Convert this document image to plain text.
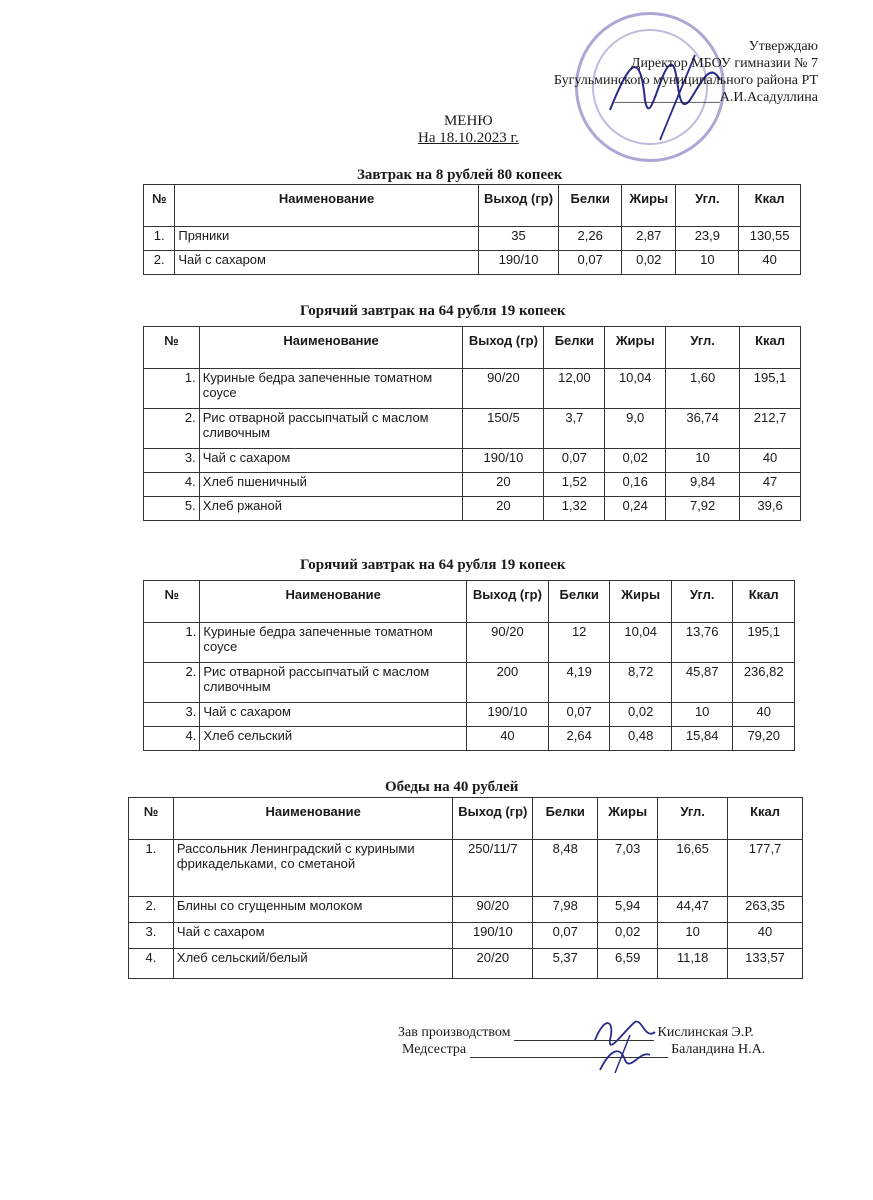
Утверждаю
Директор МБОУ гимназии № 7
Бугульминского муниципального района РТ
_______________А.И.Асадуллина
МЕНЮ
На 18.10.2023 г.
Завтрак на 8 рублей 80 копеек
№	Наименование	Выход (гр)	Белки	Жиры	Угл.	Ккал
1.	Пряники	35	2,26	2,87	23,9	130,55
2.	Чай с сахаром	190/10	0,07	0,02	10	40
Горячий завтрак на 64 рубля 19 копеек
№	Наименование	Выход (гр)	Белки	Жиры	Угл.	Ккал
1.	Куриные бедра запеченные томатном соусе	90/20	12,00	10,04	1,60	195,1
2.	Рис отварной рассыпчатый с маслом сливочным	150/5	3,7	9,0	36,74	212,7
3.	Чай с сахаром	190/10	0,07	0,02	10	40
4.	Хлеб пшеничный	20	1,52	0,16	9,84	47
5.	Хлеб ржаной	20	1,32	0,24	7,92	39,6
Горячий завтрак на 64 рубля 19 копеек
№	Наименование	Выход (гр)	Белки	Жиры	Угл.	Ккал
1.	Куриные бедра запеченные томатном соусе	90/20	12	10,04	13,76	195,1
2.	Рис отварной рассыпчатый с маслом сливочным	200	4,19	8,72	45,87	236,82
3.	Чай с сахаром	190/10	0,07	0,02	10	40
4.	Хлеб сельский	40	2,64	0,48	15,84	79,20
Обеды на 40 рублей
№	Наименование	Выход (гр)	Белки	Жиры	Угл.	Ккал
1.	Рассольник Ленинградский с куриными фрикадельками, со сметаной	250/11/7	8,48	7,03	16,65	177,7
2.	Блины со сгущенным молоком	90/20	7,98	5,94	44,47	263,35
3.	Чай с сахаром	190/10	0,07	0,02	10	40
4.	Хлеб сельский/белый	20/20	5,37	6,59	11,18	133,57
Зав производством	Кислинская Э.Р.
Медсестра	Баландина Н.А.
